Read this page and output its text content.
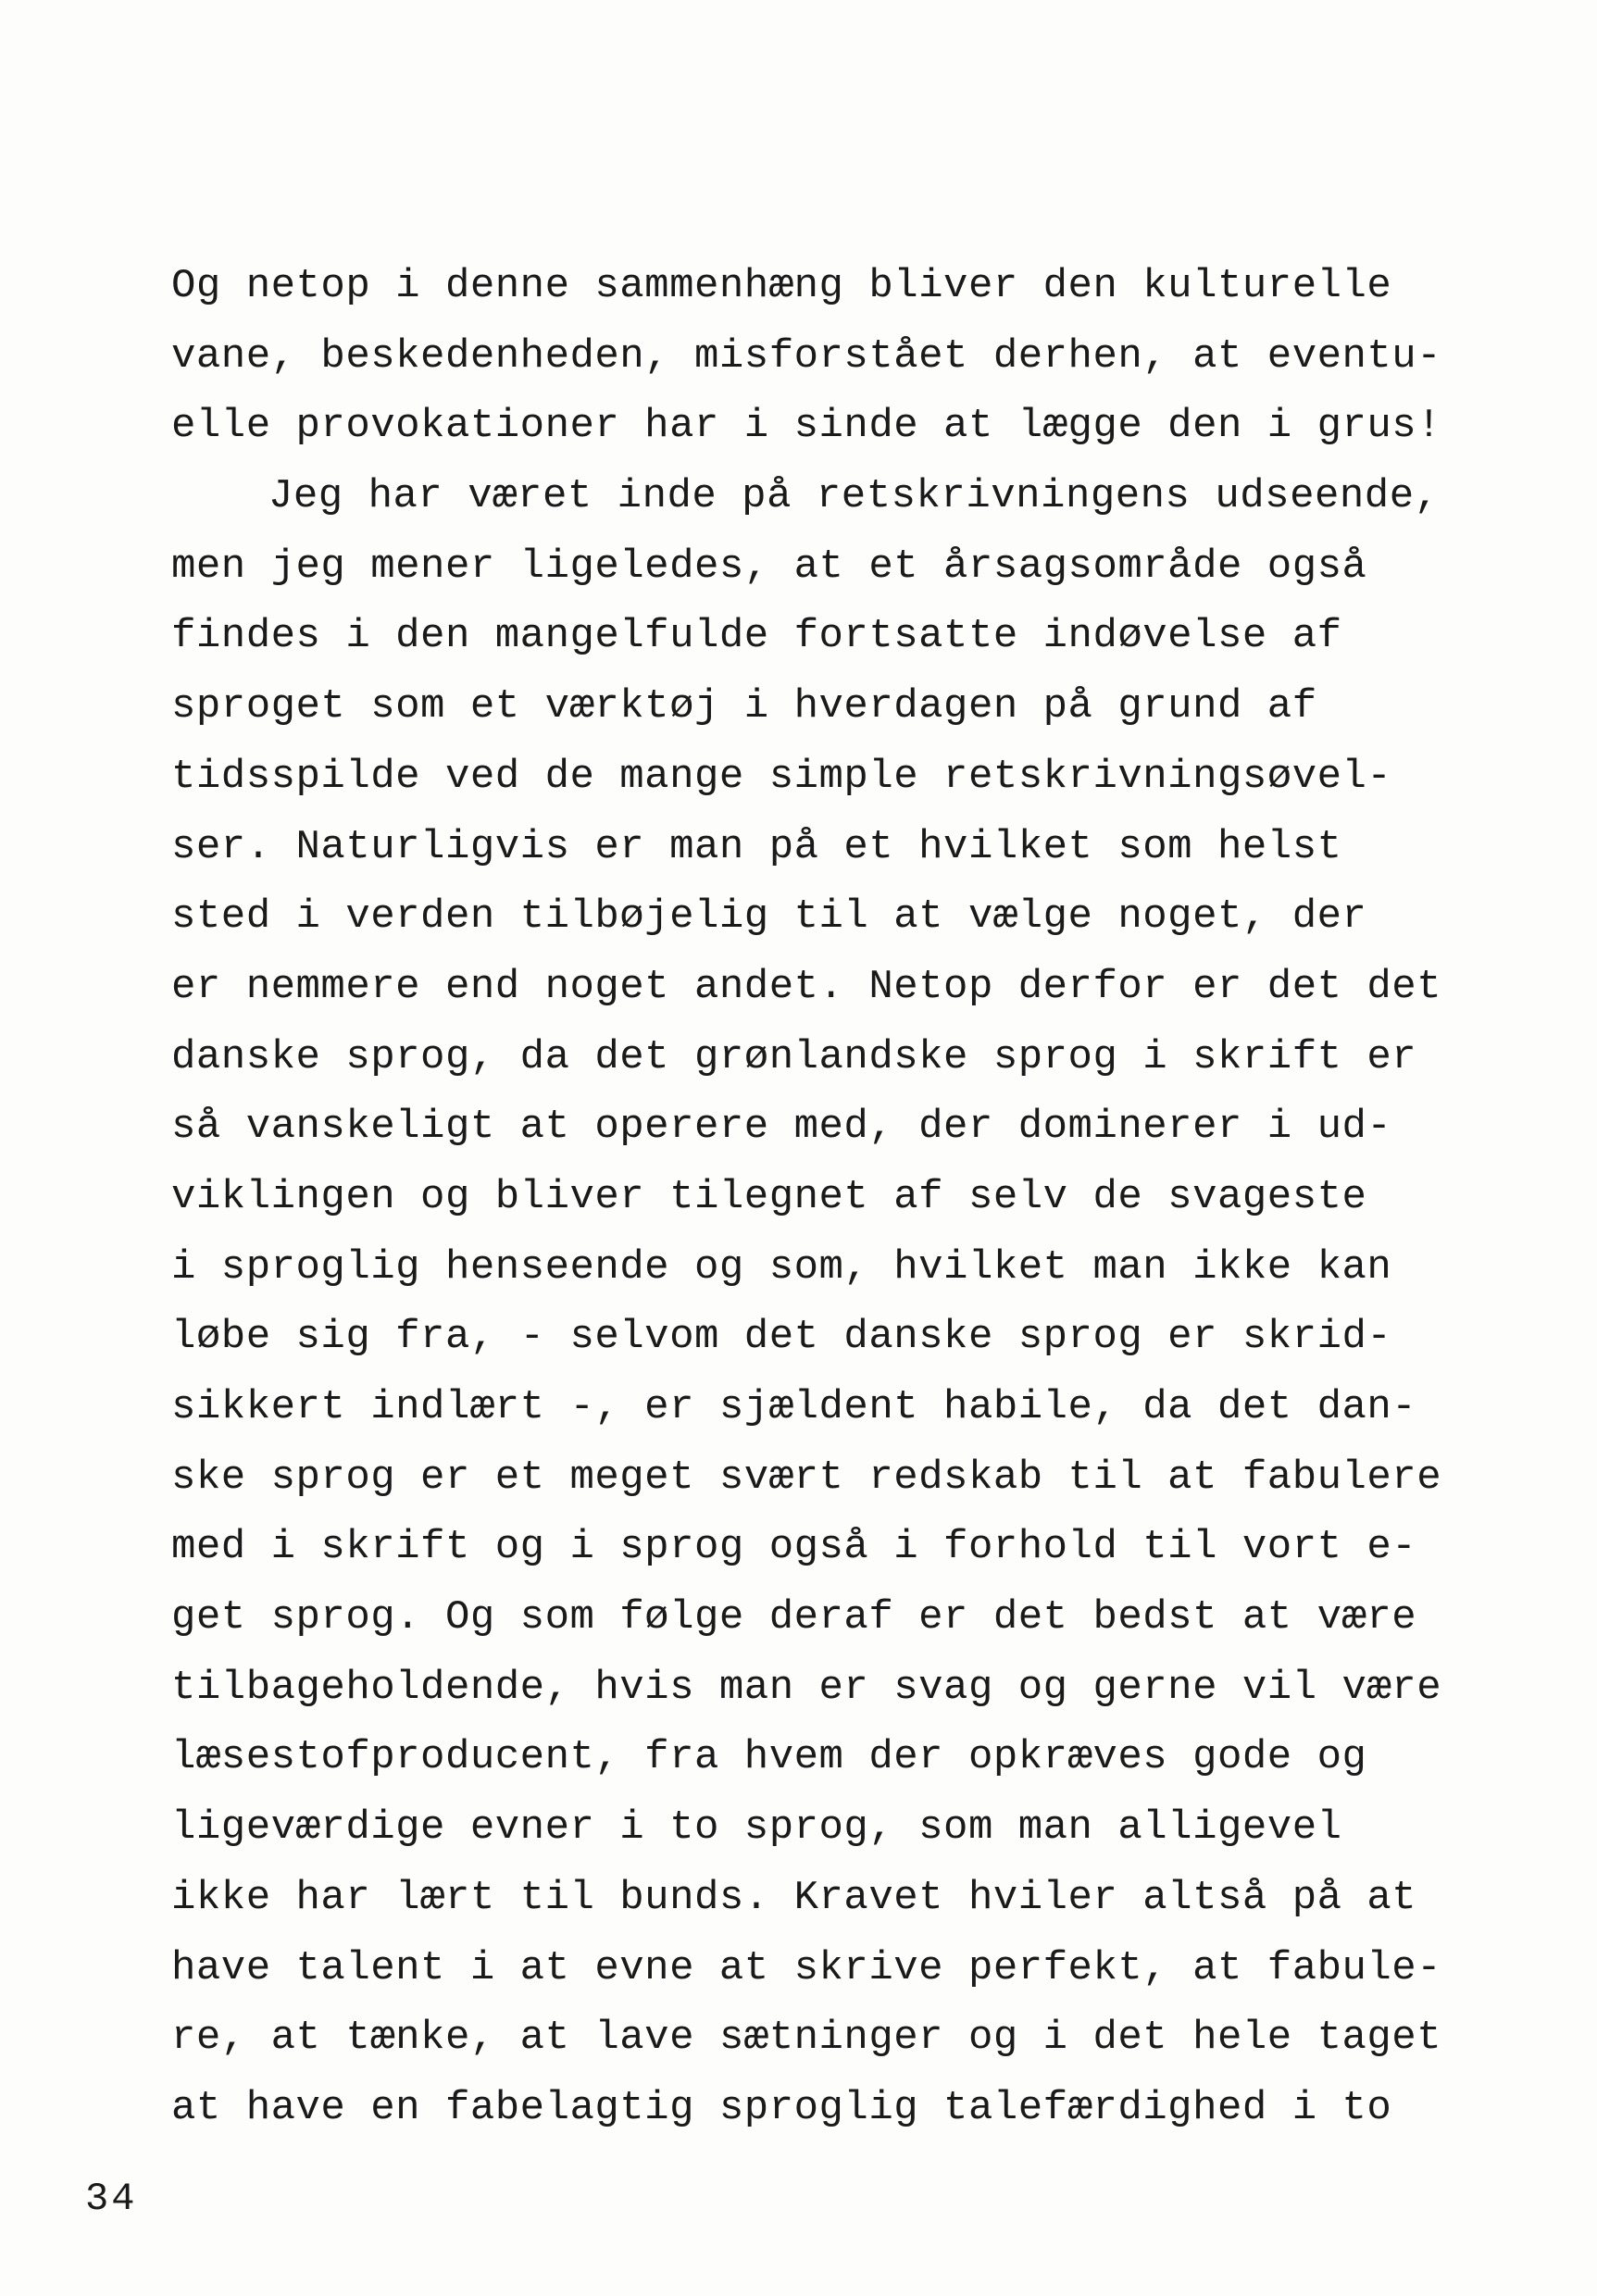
Og netop i denne sammenhæng bliver den kulturelle
vane, beskedenheden, misforstået derhen, at eventu-
elle provokationer har i sinde at lægge den i grus!
Jeg har været inde på retskrivningens udseende,
men jeg mener ligeledes, at et årsagsområde også
findes i den mangelfulde fortsatte indøvelse af
sproget som et værktøj i hverdagen på grund af
tidsspilde ved de mange simple retskrivningsøvel-
ser. Naturligvis er man på et hvilket som helst
sted i verden tilbøjelig til at vælge noget, der
er nemmere end noget andet. Netop derfor er det det
danske sprog, da det grønlandske sprog i skrift er
så vanskeligt at operere med, der dominerer i ud-
viklingen og bliver tilegnet af selv de svageste
i sproglig henseende og som, hvilket man ikke kan
løbe sig fra, - selvom det danske sprog er skrid-
sikkert indlært -, er sjældent habile, da det dan-
ske sprog er et meget svært redskab til at fabulere
med i skrift og i sprog også i forhold til vort e-
get sprog. Og som følge deraf er det bedst at være
tilbageholdende, hvis man er svag og gerne vil være
læsestofproducent, fra hvem der opkræves gode og
ligeværdige evner i to sprog, som man alligevel
ikke har lært til bunds. Kravet hviler altså på at
have talent i at evne at skrive perfekt, at fabule-
re, at tænke, at lave sætninger og i det hele taget
at have en fabelagtig sproglig talefærdighed i to
34
